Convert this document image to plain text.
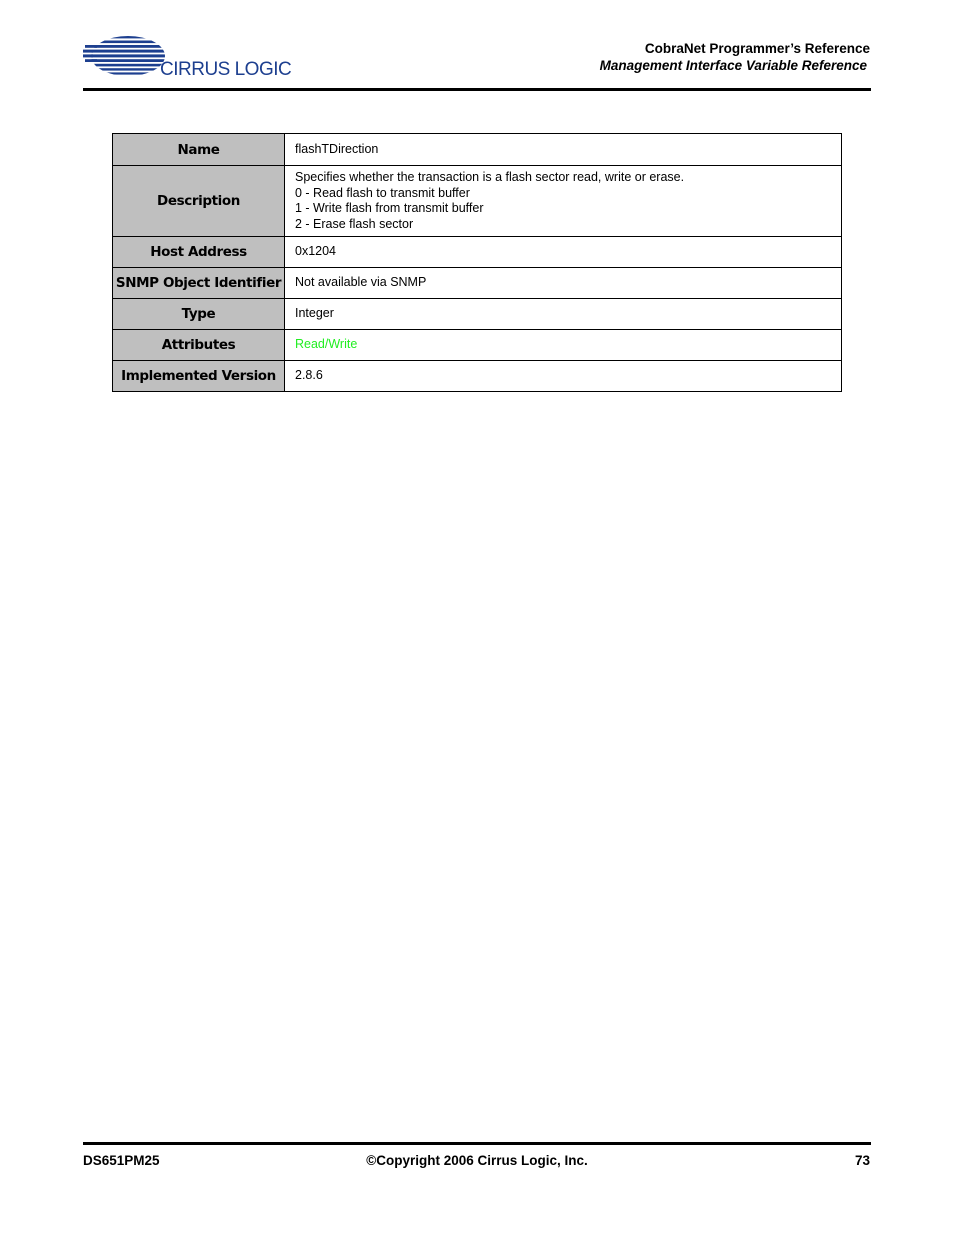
CIRRUS LOGIC
CobraNet Programmer’s Reference
Management Interface Variable Reference
Name	flashTDirection

Description	Specifies whether the transaction is a flash sector read, write or erase.
0 - Read flash to transmit buffer
1 - Write flash from transmit buffer
2 - Erase flash sector

Host Address	0x1204

SNMP Object Identifier	Not available via SNMP

Type	Integer

Attributes	Read/Write

Implemented Version	2.8.6
DS651PM25	©Copyright 2006 Cirrus Logic, Inc.	73
